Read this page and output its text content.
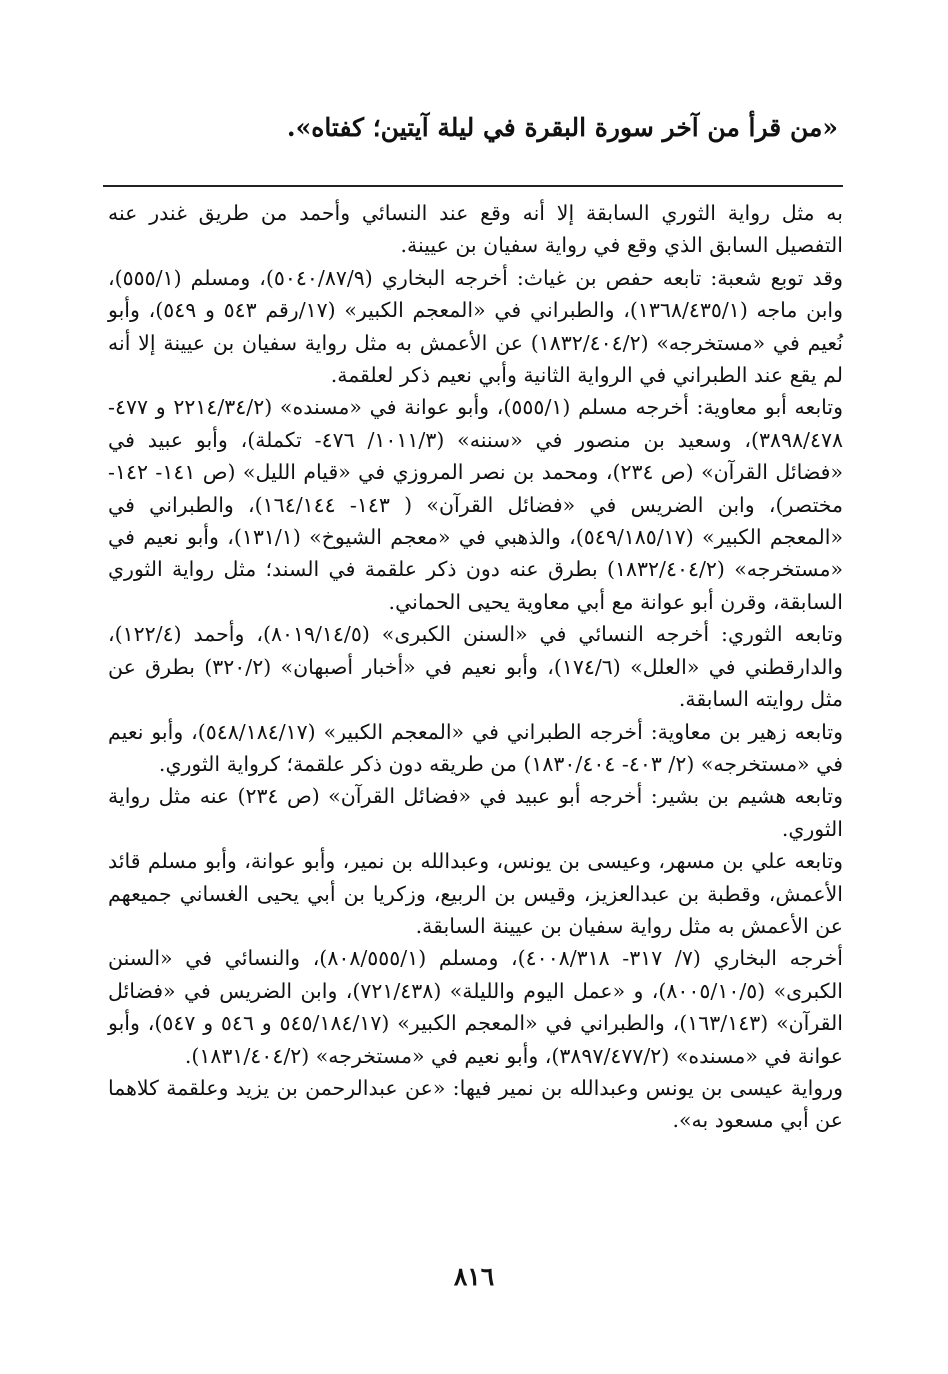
«من قرأ من آخر سورة البقرة في ليلة آيتين؛ كفتاه».

به مثل رواية الثوري السابقة إلا أنه وقع عند النسائي وأحمد من طريق غندر عنه التفصيل السابق الذي وقع في رواية سفيان بن عيينة.

وقد توبع شعبة: تابعه حفص بن غياث: أخرجه البخاري (٥٠٤٠/٨٧/٩)، ومسلم (٥٥٥/١)، وابن ماجه (١٣٦٨/٤٣٥/١)، والطبراني في «المعجم الكبير» (١٧/رقم ٥٤٣ و ٥٤٩)، وأبو نُعيم في «مستخرجه» (١٨٣٢/٤٠٤/٢) عن الأعمش به مثل رواية سفيان بن عيينة إلا أنه لم يقع عند الطبراني في الرواية الثانية وأبي نعيم ذكر لعلقمة.

وتابعه أبو معاوية: أخرجه مسلم (٥٥٥/١)، وأبو عوانة في «مسنده» (٢٢١٤/٣٤/٢ و ٤٧٧- ٣٨٩٨/٤٧٨)، وسعيد بن منصور في «سننه» (١٠١١/٣/ ٤٧٦- تكملة)، وأبو عبيد في «فضائل القرآن» (ص ٢٣٤)، ومحمد بن نصر المروزي في «قيام الليل» (ص ١٤١- ١٤٢- مختصر)، وابن الضريس في «فضائل القرآن» ( ١٤٣- ١٦٤/١٤٤)، والطبراني في «المعجم الكبير» (٥٤٩/١٨٥/١٧)، والذهبي في «معجم الشيوخ» (١٣١/١)، وأبو نعيم في «مستخرجه» (١٨٣٢/٤٠٤/٢) بطرق عنه دون ذكر علقمة في السند؛ مثل رواية الثوري السابقة، وقرن أبو عوانة مع أبي معاوية يحيى الحماني.

وتابعه الثوري: أخرجه النسائي في «السنن الكبرى» (٨٠١٩/١٤/٥)، وأحمد (١٢٢/٤)، والدارقطني في «العلل» (١٧٤/٦)، وأبو نعيم في «أخبار أصبهان» (٣٢٠/٢) بطرق عن مثل روايته السابقة.

وتابعه زهير بن معاوية: أخرجه الطبراني في «المعجم الكبير» (٥٤٨/١٨٤/١٧)، وأبو نعيم في «مستخرجه» (٢/ ٤٠٣- ١٨٣٠/٤٠٤) من طريقه دون ذكر علقمة؛ كرواية الثوري.

وتابعه هشيم بن بشير: أخرجه أبو عبيد في «فضائل القرآن» (ص ٢٣٤) عنه مثل رواية الثوري.

وتابعه علي بن مسهر، وعيسى بن يونس، وعبدالله بن نمير، وأبو عوانة، وأبو مسلم قائد الأعمش، وقطبة بن عبدالعزيز، وقيس بن الربيع، وزكريا بن أبي يحيى الغساني جميعهم عن الأعمش به مثل رواية سفيان بن عيينة السابقة.

أخرجه البخاري (٧/ ٣١٧- ٤٠٠٨/٣١٨)، ومسلم (٨٠٨/٥٥٥/١)، والنسائي في «السنن الكبرى» (٨٠٠٥/١٠/٥)، و «عمل اليوم والليلة» (٧٢١/٤٣٨)، وابن الضريس في «فضائل القرآن» (١٦٣/١٤٣)، والطبراني في «المعجم الكبير» (٥٤٥/١٨٤/١٧ و ٥٤٦ و ٥٤٧)، وأبو عوانة في «مسنده» (٣٨٩٧/٤٧٧/٢)، وأبو نعيم في «مستخرجه» (١٨٣١/٤٠٤/٢).

ورواية عيسى بن يونس وعبدالله بن نمير فيها: «عن عبدالرحمن بن يزيد وعلقمة كلاهما عن أبي مسعود به».

٨١٦
